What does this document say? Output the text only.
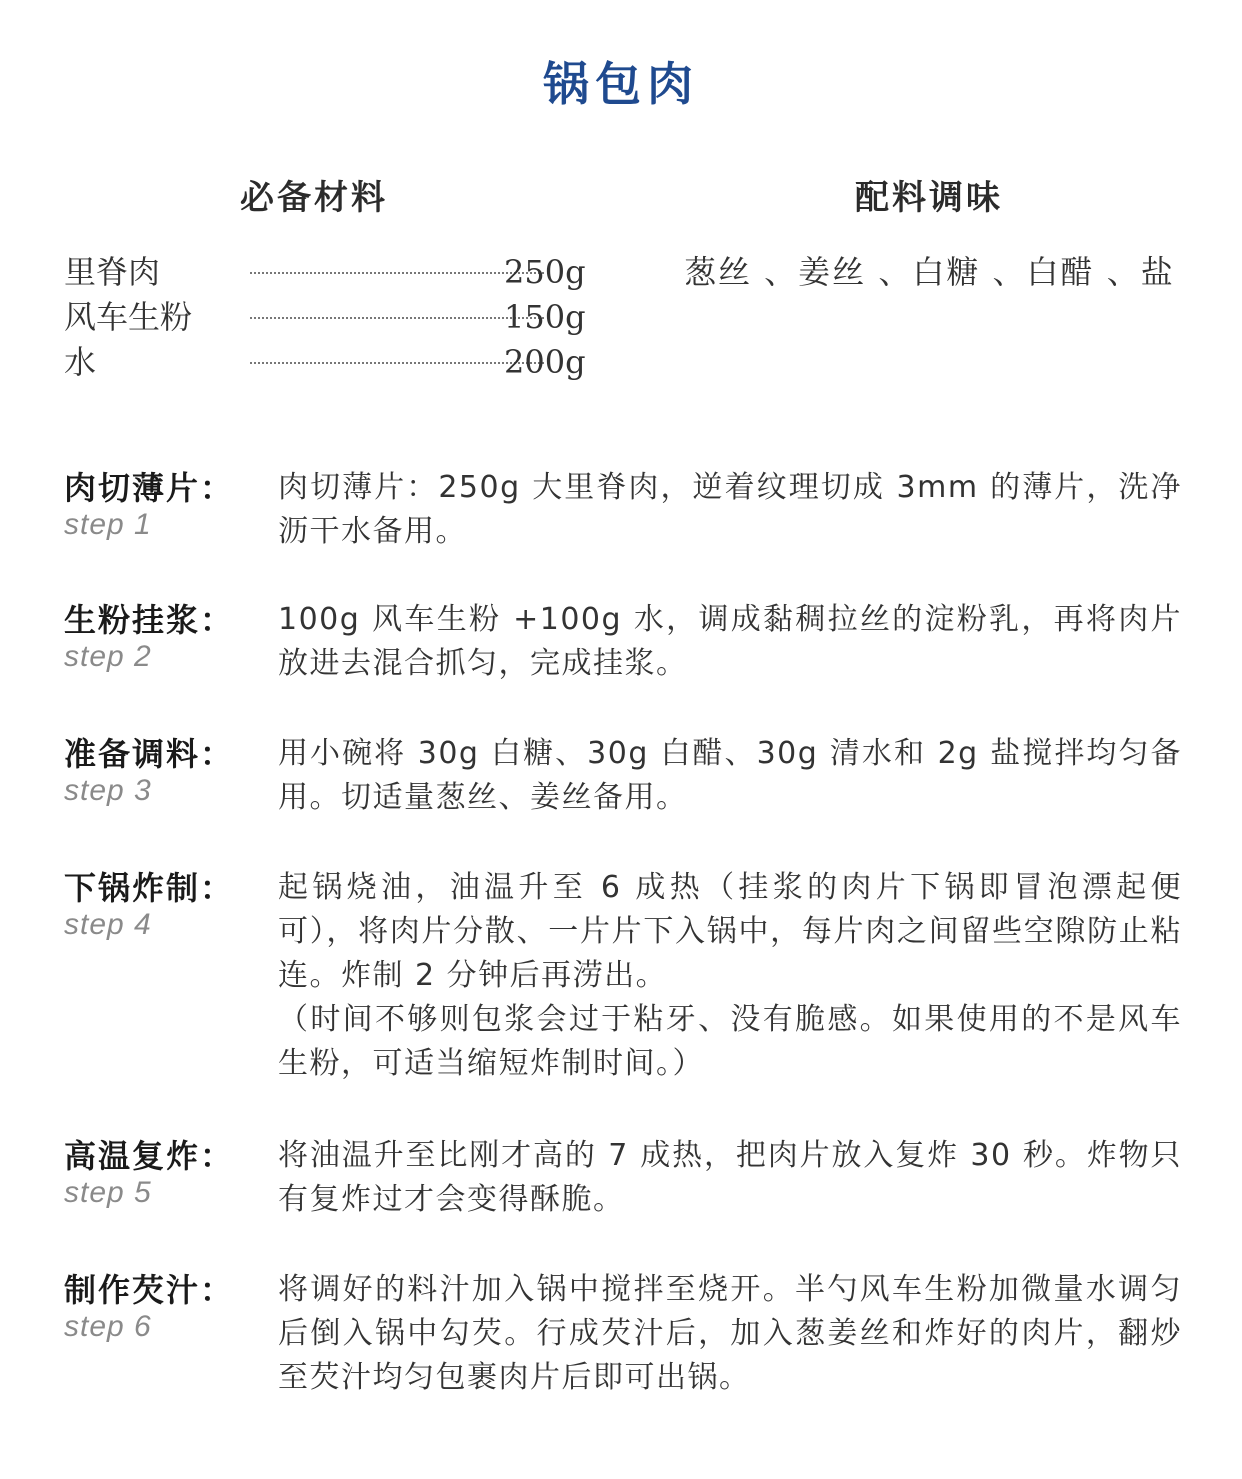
锅包肉
必备材料	配料调味
里脊肉	250g
风车生粉	150g
水	200g
葱丝 、姜丝 、白糖 、白醋 、盐
肉切薄片：
step 1

肉切薄片：250g 大里脊肉，逆着纹理切成 3mm 的薄片，洗净沥干水备用。

生粉挂浆：
step 2

100g 风车生粉 +100g 水，调成黏稠拉丝的淀粉乳，再将肉片放进去混合抓匀，完成挂浆。

准备调料：
step 3

用小碗将 30g 白糖、30g 白醋、30g 清水和 2g 盐搅拌均匀备用。切适量葱丝、姜丝备用。

下锅炸制：
step 4

起锅烧油，油温升至 6 成热（挂浆的肉片下锅即冒泡漂起便可），将肉片分散、一片片下入锅中，每片肉之间留些空隙防止粘连。炸制 2 分钟后再涝出。

（时间不够则包浆会过于粘牙、没有脆感。如果使用的不是风车生粉，可适当缩短炸制时间。）

高温复炸：
step 5

将油温升至比刚才高的 7 成热，把肉片放入复炸 30 秒。炸物只有复炸过才会变得酥脆。

制作芡汁：
step 6

将调好的料汁加入锅中搅拌至烧开。半勺风车生粉加微量水调匀后倒入锅中勾芡。行成芡汁后，加入葱姜丝和炸好的肉片，翻炒至芡汁均匀包裹肉片后即可出锅。
